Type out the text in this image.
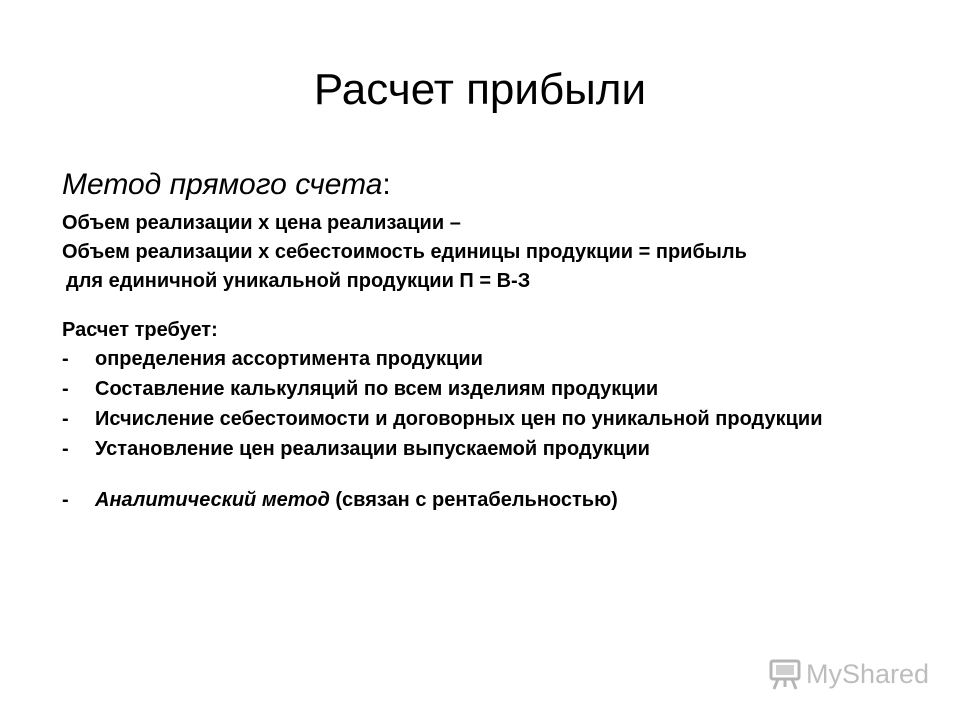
Расчет прибыли
Метод прямого счета:
Объем реализации х цена реализации –
Объем реализации х себестоимость единицы продукции = прибыль
для единичной уникальной продукции П = В-З
Расчет требует:
-	определения ассортимента продукции
-	Составление калькуляций по всем изделиям продукции
-	Исчисление себестоимости и договорных цен по уникальной продукции
-	Установление цен реализации выпускаемой продукции
-	Аналитический метод (связан с рентабельностью)
MyShared
